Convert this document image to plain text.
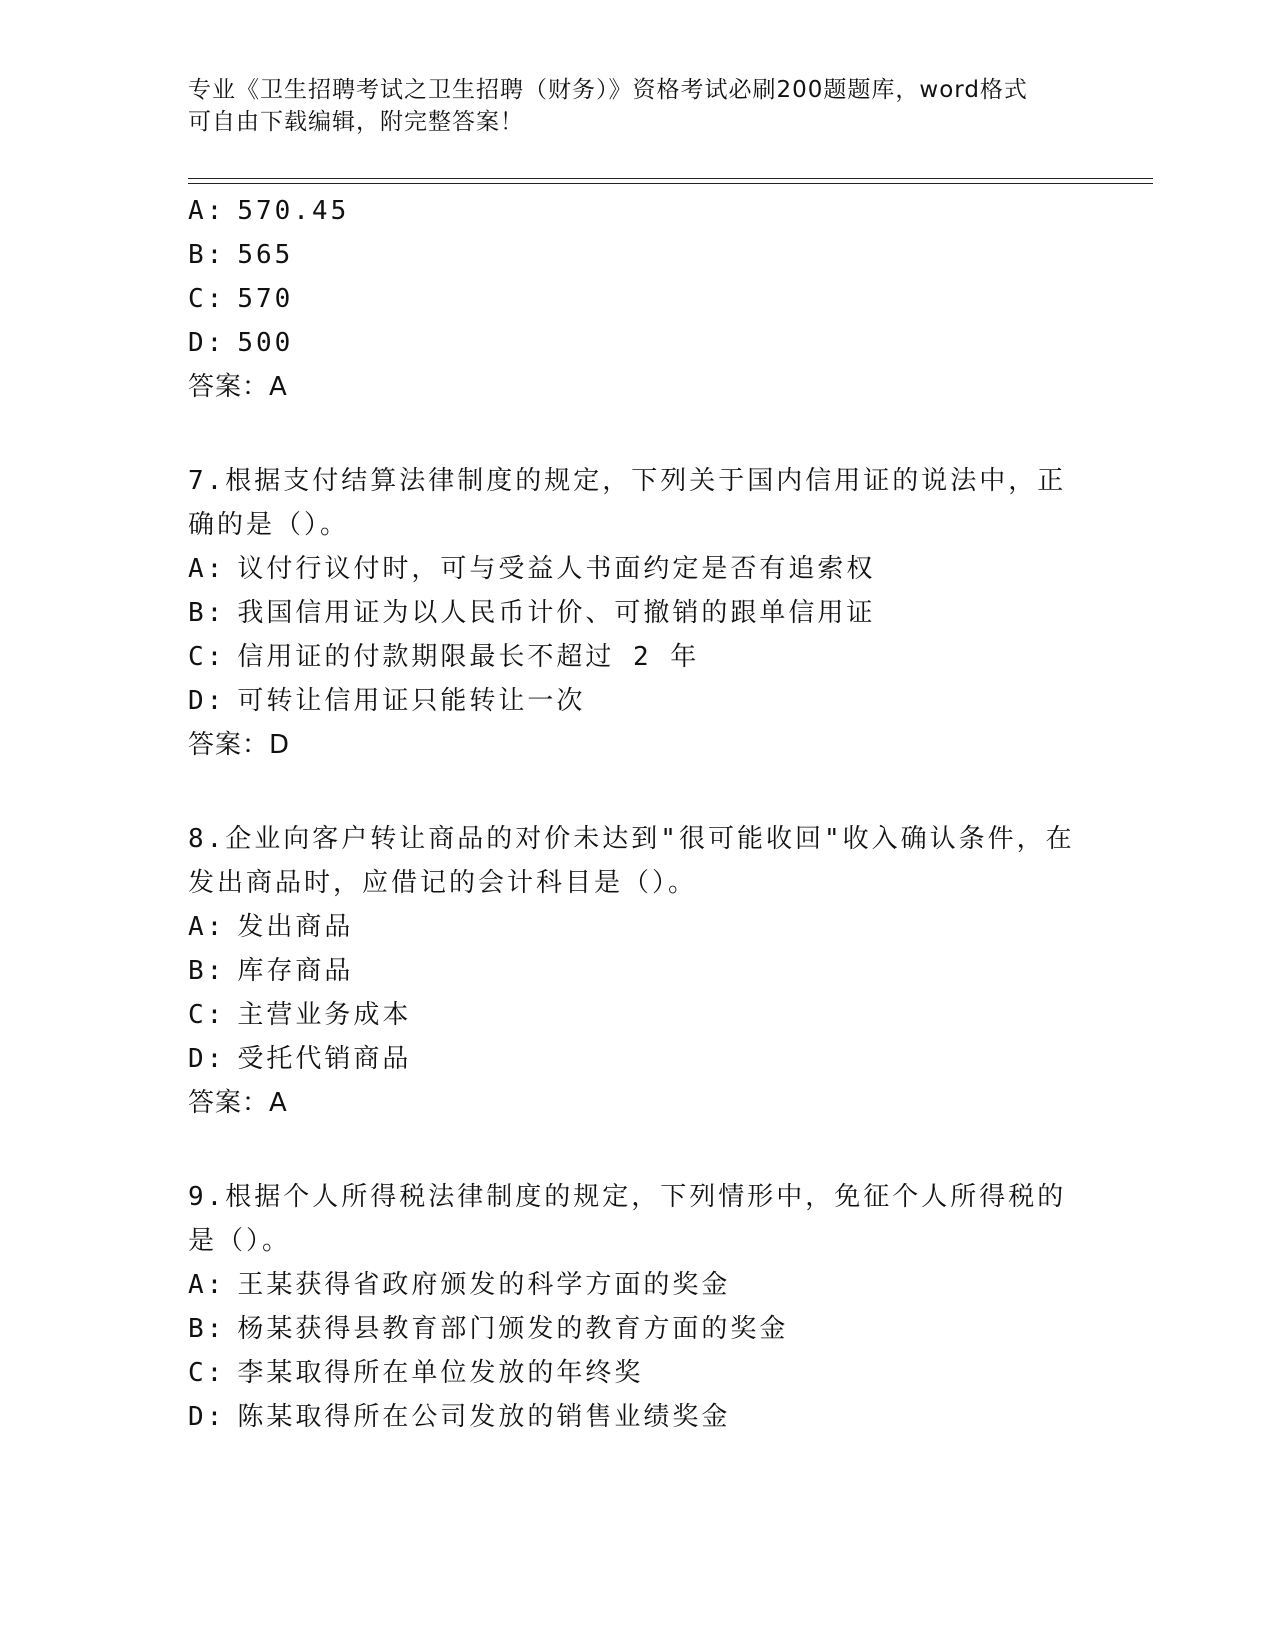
专业《卫生招聘考试之卫生招聘（财务）》资格考试必刷200题题库，word格式
可自由下载编辑，附完整答案！
A: 570.45
B: 565
C: 570
D: 500
答案：A
7.根据支付结算法律制度的规定，下列关于国内信用证的说法中，正
确的是（）。
A: 议付行议付时，可与受益人书面约定是否有追索权
B: 我国信用证为以人民币计价、可撤销的跟单信用证
C: 信用证的付款期限最长不超过 2 年
D: 可转让信用证只能转让一次
答案：D
8.企业向客户转让商品的对价未达到"很可能收回"收入确认条件，在
发出商品时，应借记的会计科目是（）。
A: 发出商品
B: 库存商品
C: 主营业务成本
D: 受托代销商品
答案：A
9.根据个人所得税法律制度的规定，下列情形中，免征个人所得税的
是（）。
A: 王某获得省政府颁发的科学方面的奖金
B: 杨某获得县教育部门颁发的教育方面的奖金
C: 李某取得所在单位发放的年终奖
D: 陈某取得所在公司发放的销售业绩奖金
